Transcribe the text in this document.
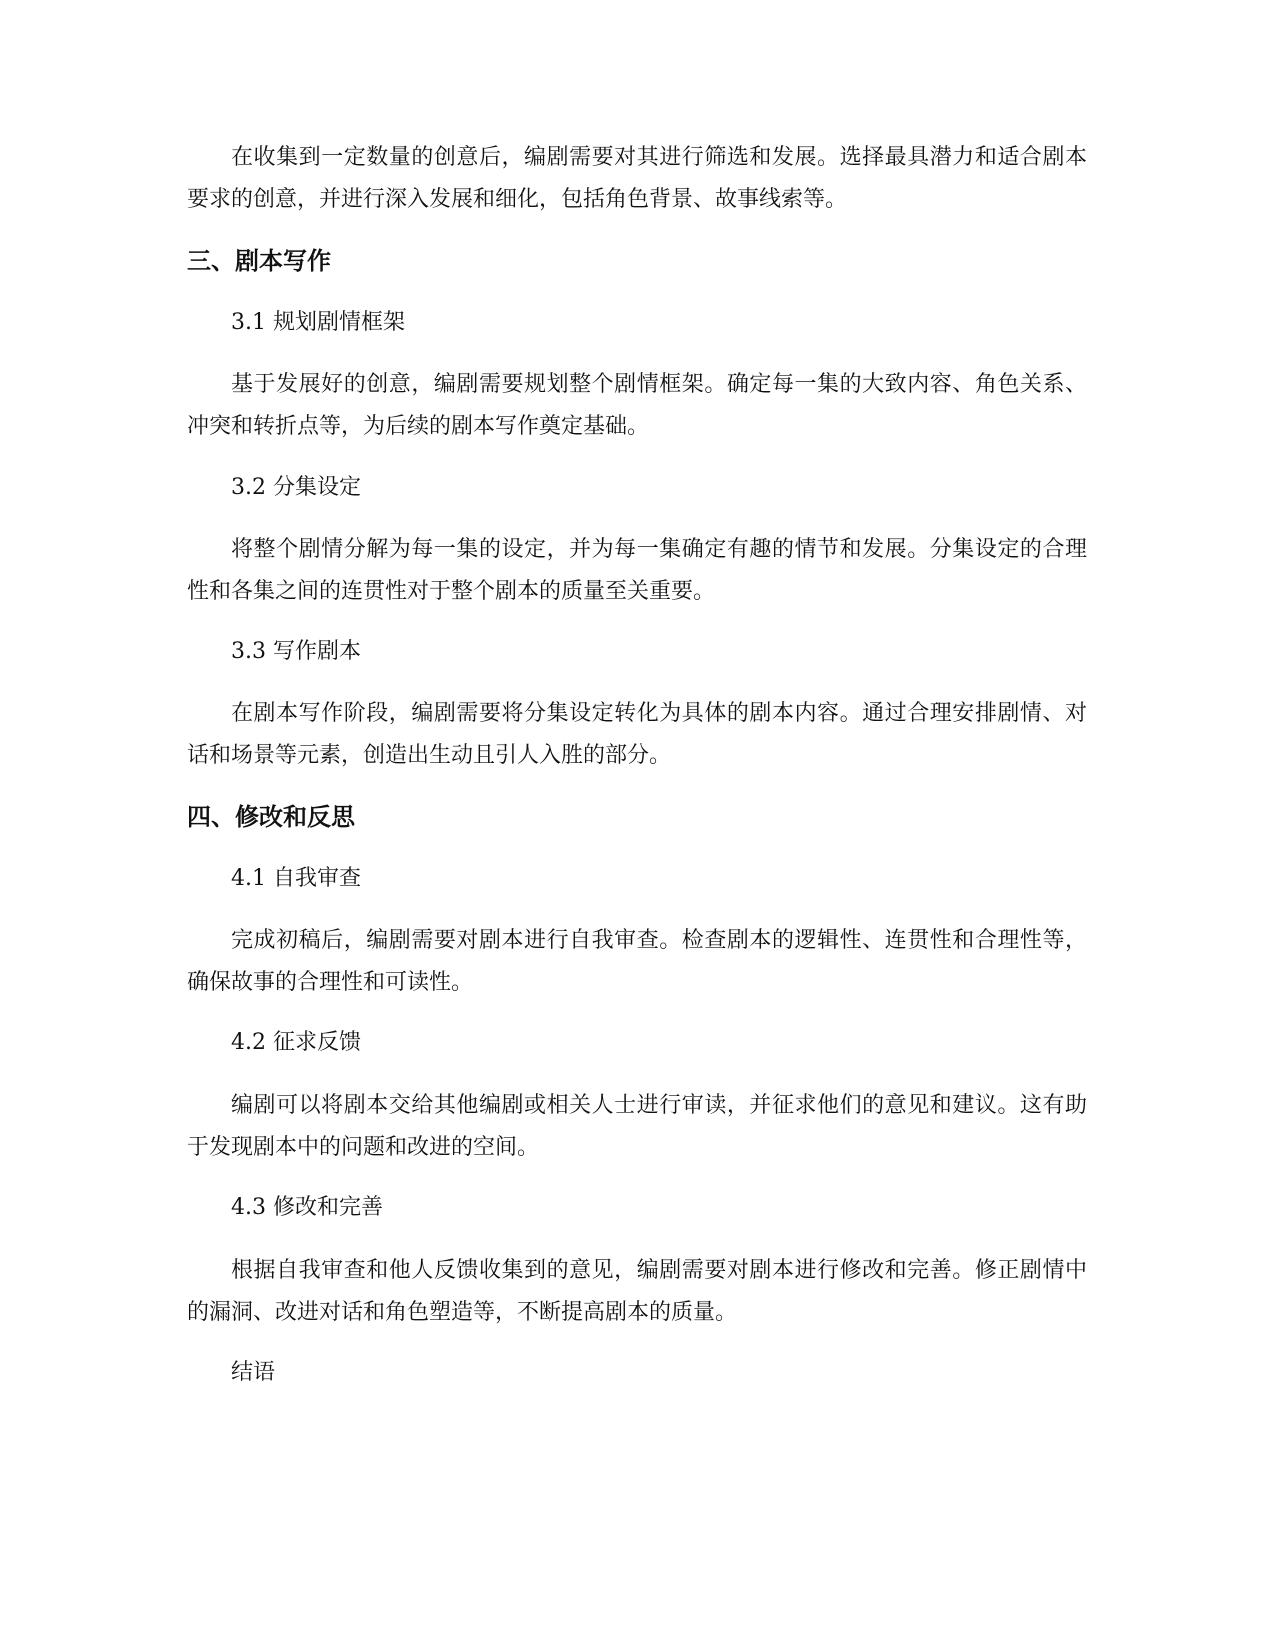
在收集到一定数量的创意后，编剧需要对其进行筛选和发展。选择最具潜力和适合剧本要求的创意，并进行深入发展和细化，包括角色背景、故事线索等。

三、剧本写作

3.1 规划剧情框架

基于发展好的创意，编剧需要规划整个剧情框架。确定每一集的大致内容、角色关系、冲突和转折点等，为后续的剧本写作奠定基础。

3.2 分集设定

将整个剧情分解为每一集的设定，并为每一集确定有趣的情节和发展。分集设定的合理性和各集之间的连贯性对于整个剧本的质量至关重要。

3.3 写作剧本

在剧本写作阶段，编剧需要将分集设定转化为具体的剧本内容。通过合理安排剧情、对话和场景等元素，创造出生动且引人入胜的部分。

四、修改和反思

4.1 自我审查

完成初稿后，编剧需要对剧本进行自我审查。检查剧本的逻辑性、连贯性和合理性等，确保故事的合理性和可读性。

4.2 征求反馈

编剧可以将剧本交给其他编剧或相关人士进行审读，并征求他们的意见和建议。这有助于发现剧本中的问题和改进的空间。

4.3 修改和完善

根据自我审查和他人反馈收集到的意见，编剧需要对剧本进行修改和完善。修正剧情中的漏洞、改进对话和角色塑造等，不断提高剧本的质量。

结语
